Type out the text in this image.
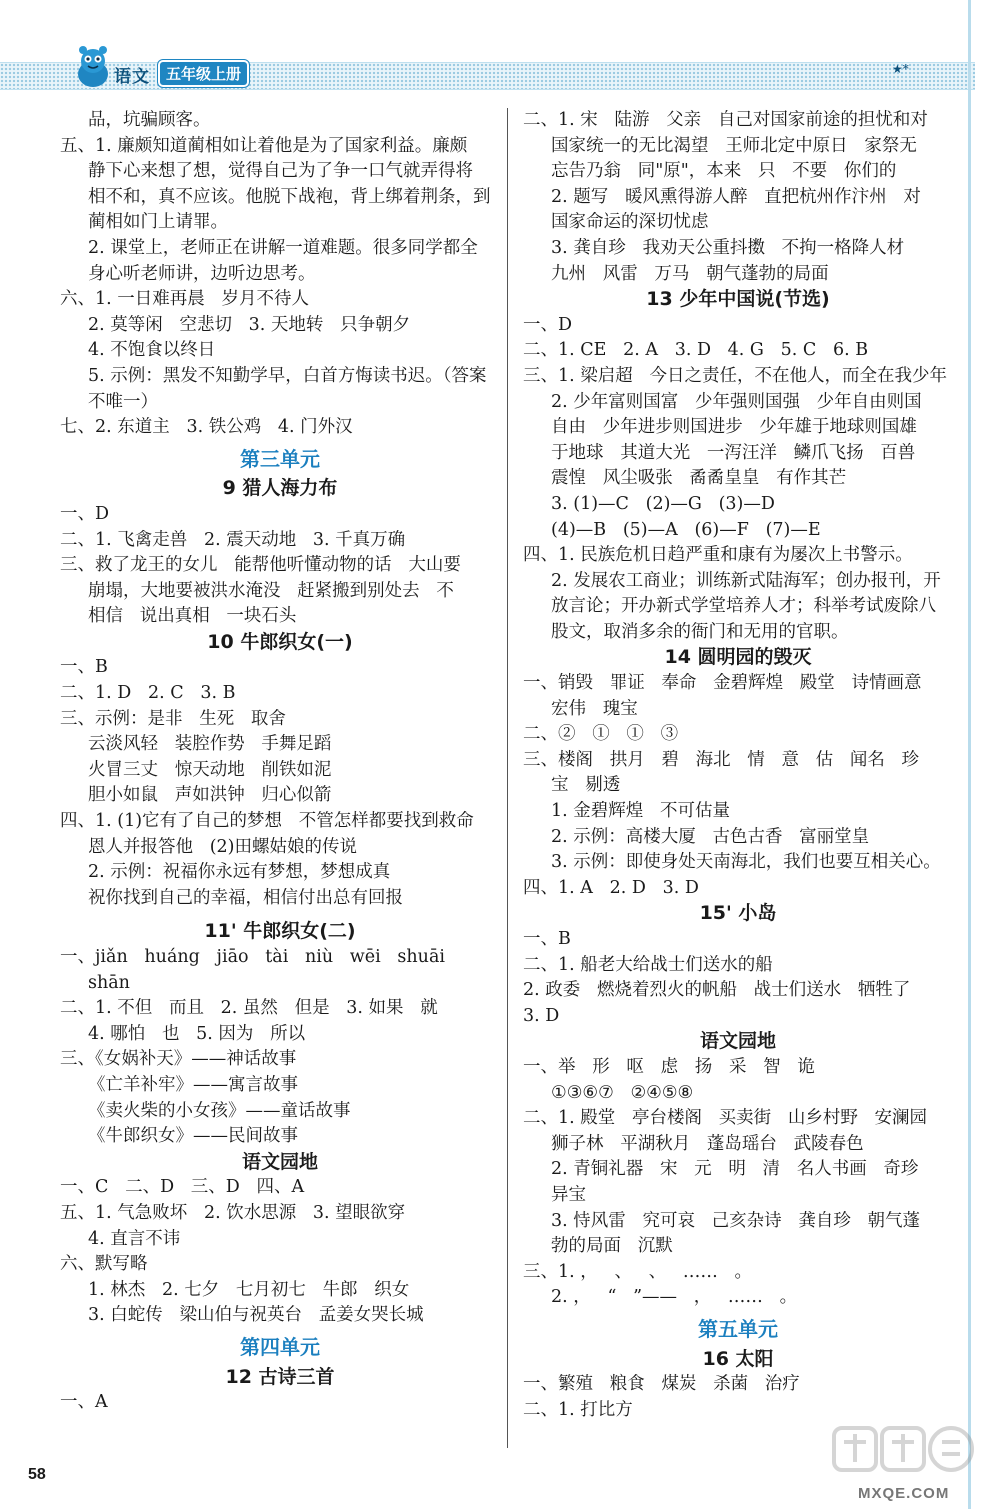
语文	五年级上册	★*
品，坑骗顾客。
五、1. 廉颇知道蔺相如让着他是为了国家利益。廉颇
静下心来想了想，觉得自己为了争一口气就弄得将
相不和，真不应该。他脱下战袍，背上绑着荆条，到
蔺相如门上请罪。
2. 课堂上，老师正在讲解一道难题。很多同学都全
身心听老师讲，边听边思考。
六、1. 一日难再晨   岁月不待人
2. 莫等闲   空悲切   3. 天地转   只争朝夕
4. 不饱食以终日
5. 示例：黑发不知勤学早，白首方悔读书迟。（答案
不唯一）
七、2. 东道主   3. 铁公鸡   4. 门外汉
第三单元
9 猎人海力布
一、D
二、1. 飞禽走兽   2. 震天动地   3. 千真万确
三、救了龙王的女儿   能帮他听懂动物的话   大山要
崩塌，大地要被洪水淹没   赶紧搬到别处去   不
相信   说出真相   一块石头
10 牛郎织女(一)
一、B
二、1. D   2. C   3. B
三、示例：是非   生死   取舍
云淡风轻   装腔作势   手舞足蹈
火冒三丈   惊天动地   削铁如泥
胆小如鼠   声如洪钟   归心似箭
四、1. (1)它有了自己的梦想   不管怎样都要找到救命
恩人并报答他   (2)田螺姑娘的传说
2. 示例：祝福你永远有梦想，梦想成真
祝你找到自己的幸福，相信付出总有回报
11' 牛郎织女(二)
一、jiǎn   huáng   jiāo   tài   niù   wēi   shuāi
shān
二、1. 不但   而且   2. 虽然   但是   3. 如果   就
4. 哪怕   也   5. 因为   所以
三、《女娲补天》——神话故事
《亡羊补牢》——寓言故事
《卖火柴的小女孩》——童话故事
《牛郎织女》——民间故事
语文园地
一、C   二、D   三、D   四、A
五、1. 气急败坏   2. 饮水思源   3. 望眼欲穿
4. 直言不讳
六、默写略
1. 林杰   2. 七夕   七月初七   牛郎   织女
3. 白蛇传   梁山伯与祝英台   孟姜女哭长城
第四单元
12 古诗三首
一、A
二、1. 宋   陆游   父亲   自己对国家前途的担忧和对
国家统一的无比渴望   王师北定中原日   家祭无
忘告乃翁   同"原"，本来   只   不要   你们的
2. 题写   暖风熏得游人醉   直把杭州作汴州   对
国家命运的深切忧虑
3. 龚自珍   我劝天公重抖擞   不拘一格降人材
九州   风雷   万马   朝气蓬勃的局面
13 少年中国说(节选)
一、D
二、1. CE   2. A   3. D   4. G   5. C   6. B
三、1. 梁启超   今日之责任，不在他人，而全在我少年
2. 少年富则国富   少年强则国强   少年自由则国
自由   少年进步则国进步   少年雄于地球则国雄
于地球   其道大光   一泻汪洋   鳞爪飞扬   百兽
震惶   风尘吸张   矞矞皇皇   有作其芒
3. (1)—C   (2)—G   (3)—D
(4)—B   (5)—A   (6)—F   (7)—E
四、1. 民族危机日趋严重和康有为屡次上书警示。
2. 发展农工商业；训练新式陆海军；创办报刊，开
放言论；开办新式学堂培养人才；科举考试废除八
股文，取消多余的衙门和无用的官职。
14 圆明园的毁灭
一、销毁   罪证   奉命   金碧辉煌   殿堂   诗情画意
宏伟   瑰宝
二、②   ①   ①   ③
三、楼阁   拱月   碧   海北   情   意   估   闻名   珍
宝   剔透
1. 金碧辉煌   不可估量
2. 示例：高楼大厦   古色古香   富丽堂皇
3. 示例：即使身处天南海北，我们也要互相关心。
四、1. A   2. D   3. D
15' 小岛
一、B
二、1. 船老大给战士们送水的船
2. 政委   燃烧着烈火的帆船   战士们送水   牺牲了
3. D
语文园地
一、举   形   呕   虑   扬   采   智   诡
①③⑥⑦   ②④⑤⑧
二、1. 殿堂   亭台楼阁   买卖街   山乡村野   安澜园
狮子林   平湖秋月   蓬岛瑶台   武陵春色
2. 青铜礼器   宋   元   明   清   名人书画   奇珍
异宝
3. 恃风雷   究可哀   己亥杂诗   龚自珍   朝气蓬
勃的局面   沉默
三、1. ，   、   、   ……   。
2. ，   “   ”——   ，   ……   。
第五单元
16 太阳
一、繁殖   粮食   煤炭   杀菌   治疗
二、1. 打比方
58
MXQE.COM
